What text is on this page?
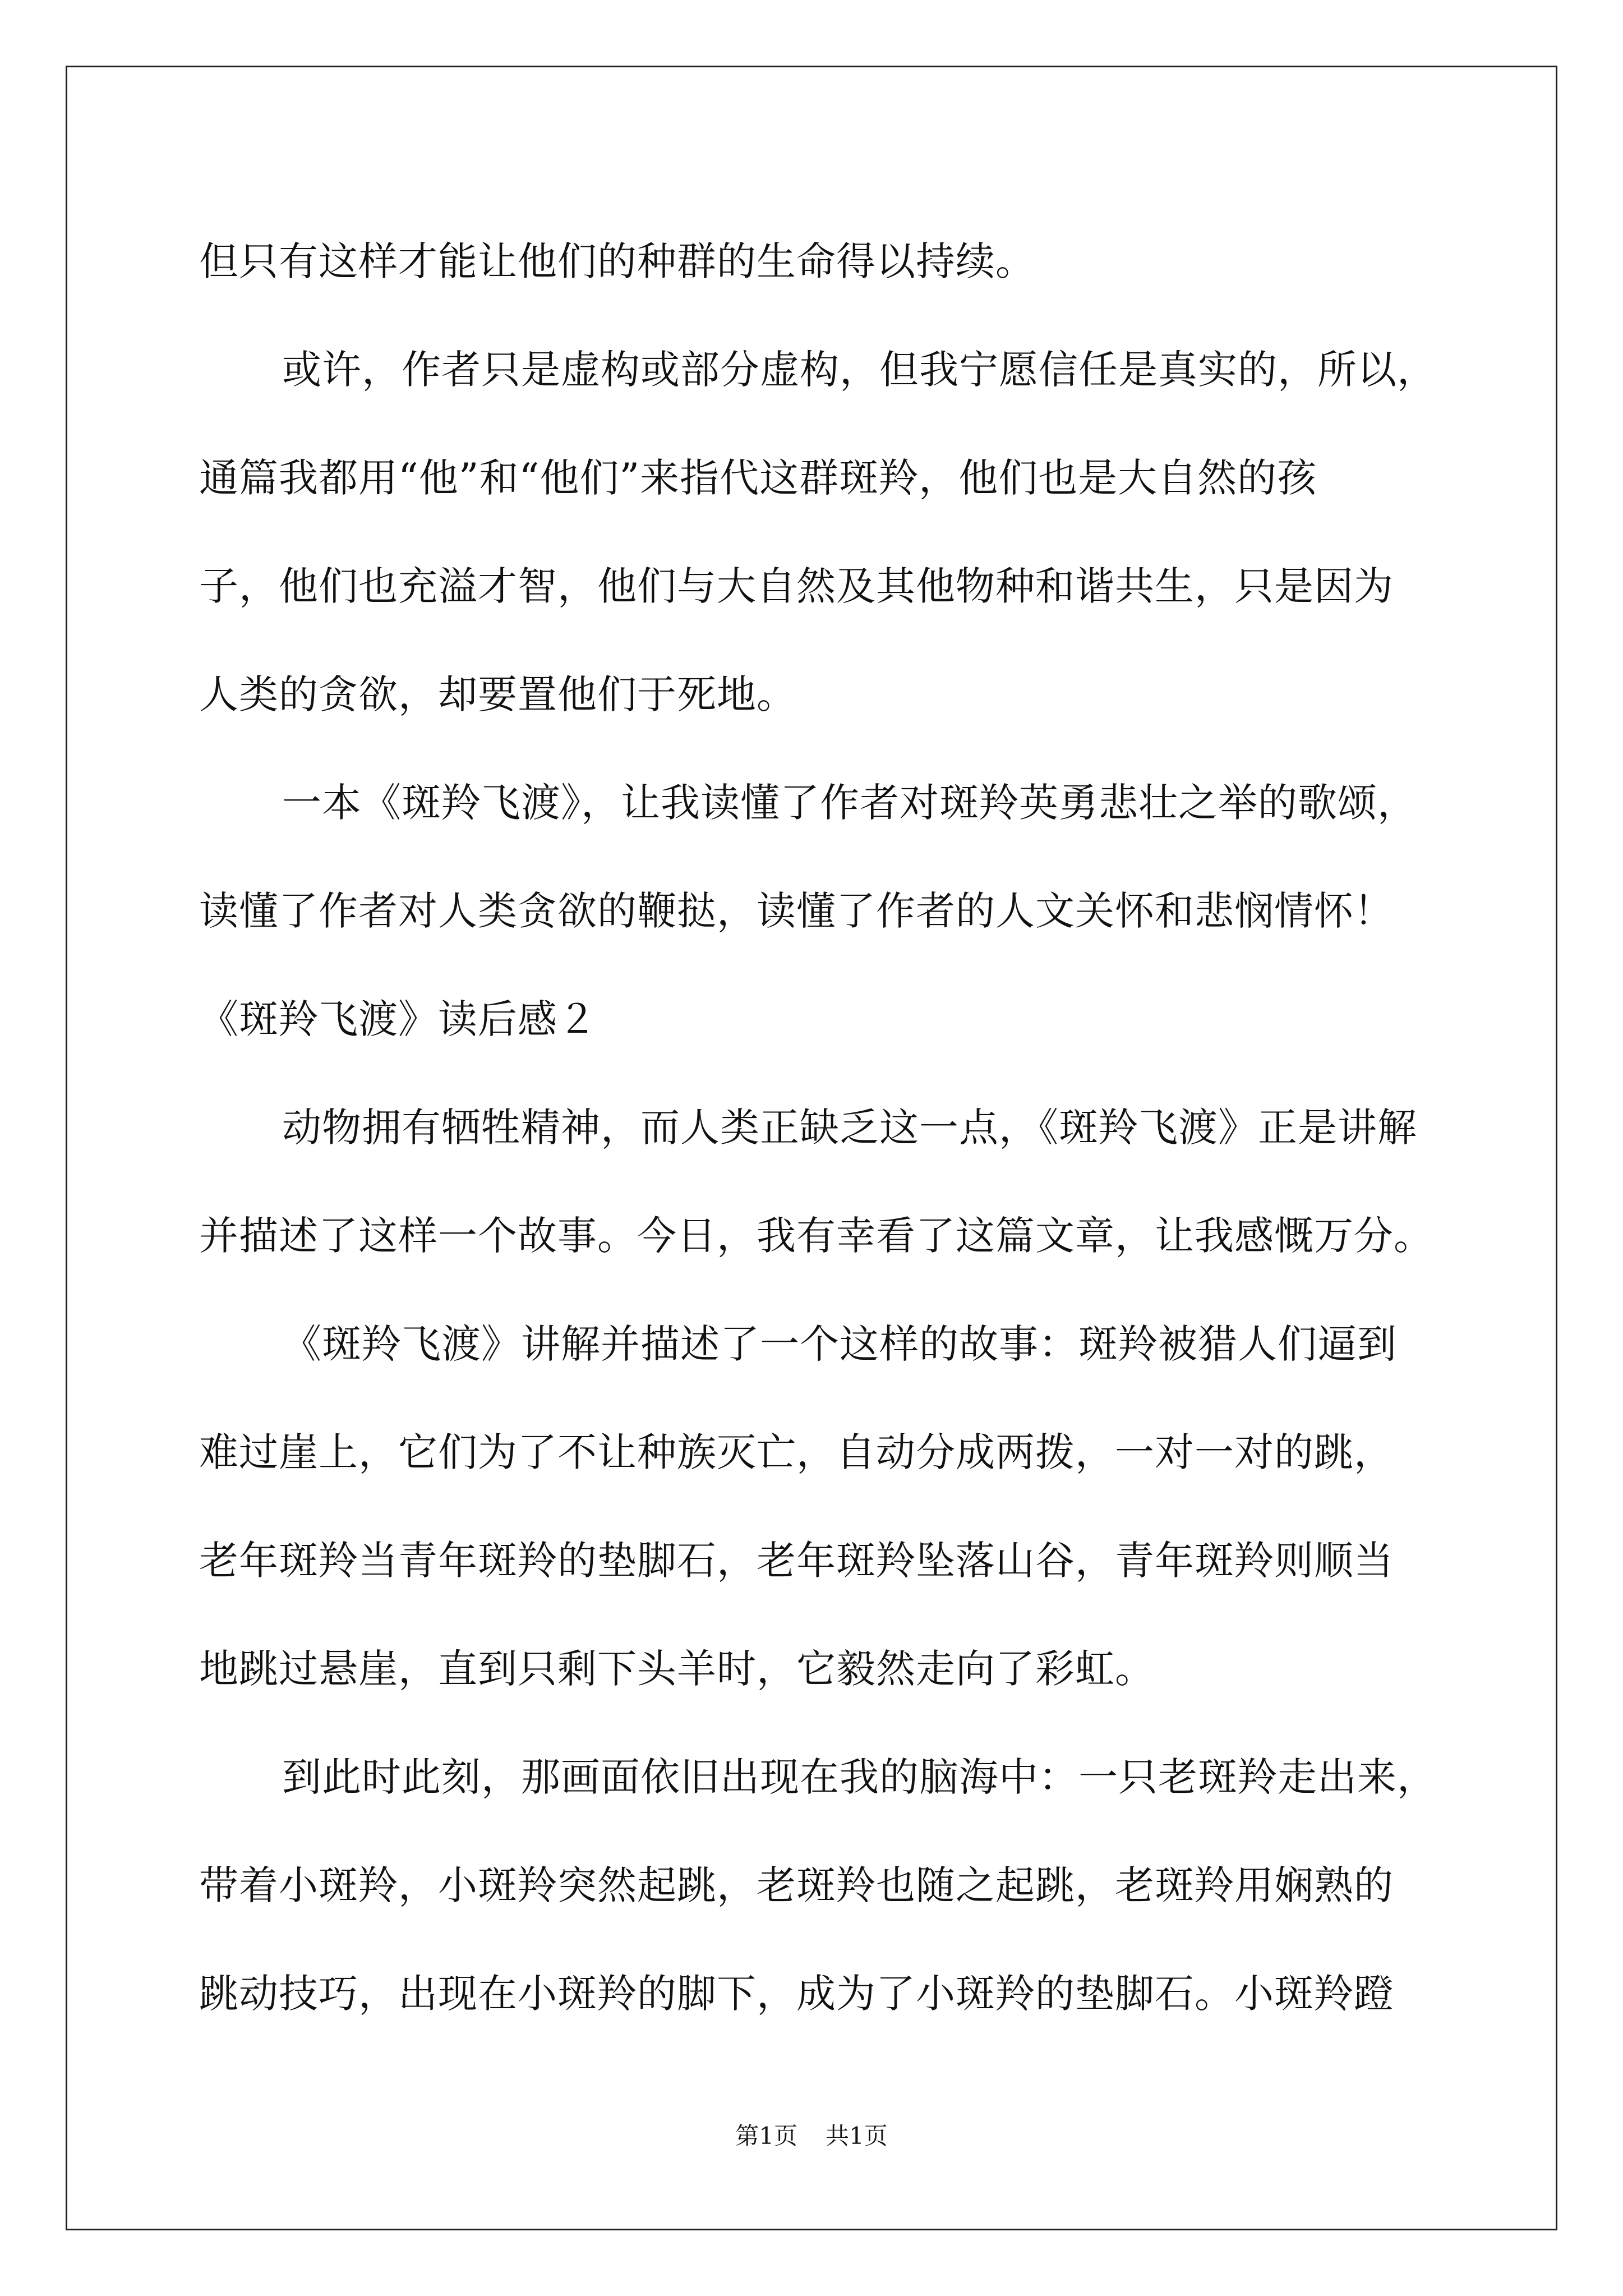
但只有这样才能让他们的种群的生命得以持续。
或许，作者只是虚构或部分虚构，但我宁愿信任是真实的，所以，
通篇我都用“他”和“他们”来指代这群斑羚，他们也是大自然的孩
子，他们也充溢才智，他们与大自然及其他物种和谐共生，只是因为
人类的贪欲，却要置他们于死地。
一本《斑羚飞渡》，让我读懂了作者对斑羚英勇悲壮之举的歌颂，
读懂了作者对人类贪欲的鞭挞，读懂了作者的人文关怀和悲悯情怀！
《斑羚飞渡》读后感２
动物拥有牺牲精神，而人类正缺乏这一点，《斑羚飞渡》正是讲解
并描述了这样一个故事。今日，我有幸看了这篇文章，让我感慨万分。
《斑羚飞渡》讲解并描述了一个这样的故事：斑羚被猎人们逼到
难过崖上，它们为了不让种族灭亡，自动分成两拨，一对一对的跳，
老年斑羚当青年斑羚的垫脚石，老年斑羚坠落山谷，青年斑羚则顺当
地跳过悬崖，直到只剩下头羊时，它毅然走向了彩虹。
到此时此刻，那画面依旧出现在我的脑海中：一只老斑羚走出来，
带着小斑羚，小斑羚突然起跳，老斑羚也随之起跳，老斑羚用娴熟的
跳动技巧，出现在小斑羚的脚下，成为了小斑羚的垫脚石。小斑羚蹬
第1页 共1页
